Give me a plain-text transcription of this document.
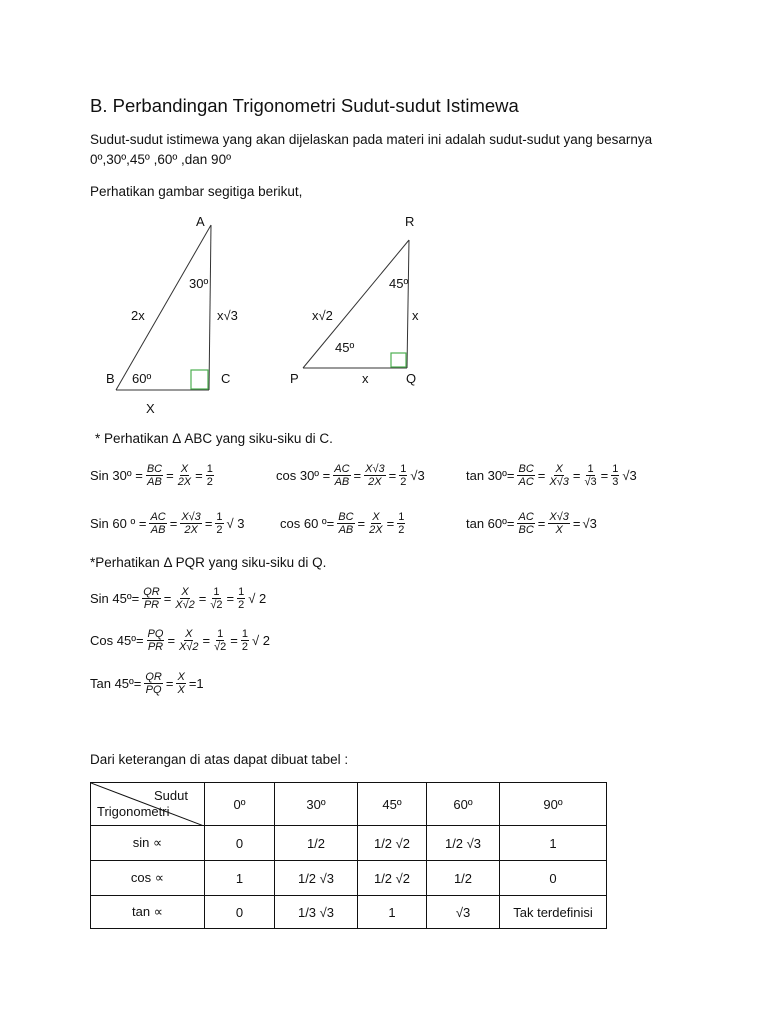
B. Perbandingan Trigonometri Sudut-sudut Istimewa
Sudut-sudut istimewa yang akan dijelaskan pada materi ini adalah sudut-sudut yang besarnya
0º,30º,45º ,60º ,dan 90º
Perhatikan gambar segitiga berikut,
A
30º
2x	x√3
B 60º	C
X
R
45º
x√2	x
45º
P	x	Q
* Perhatikan Δ ABC yang siku-siku di C.
Sin 30º = $\frac{BC}{AB} = \frac{X}{2X} = \frac{1}{2}$	cos 30º = $\frac{AC}{AB} = \frac{X√3}{2X} = \frac{1}{2} √3$	tan 30º= $\frac{BC}{AC} = \frac{X}{X√3} = \frac{1}{√3} = \frac{1}{3} √3$
Sin 60 º = $\frac{AC}{AB} = \frac{X√3}{2X} = \frac{1}{2}$ √ 3	cos 60 º= $\frac{BC}{AB} = \frac{X}{2X} = \frac{1}{2}$	tan 60º= $\frac{AC}{BC} = \frac{X√3}{X} = √3$
*Perhatikan Δ PQR yang siku-siku di Q.
Sin 45º= $\frac{QR}{PR} = \frac{X}{X√2} = \frac{1}{√2} = \frac{1}{2}$ √ 2
Cos 45º= $\frac{PQ}{PR} = \frac{X}{X√2} = \frac{1}{√2} = \frac{1}{2}$ √ 2
Tan 45º= $\frac{QR}{PQ} = \frac{X}{X} =1$
Dari keterangan di atas dapat dibuat tabel :
Sudut
Trigonometri	0º	30º	45º	60º	90º
sin ∝	0	1/2	1/2 √2	1/2 √3	1
cos ∝	1	1/2 √3	1/2 √2	1/2	0
tan ∝	0	1/3 √3	1	√3	Tak terdefinisi
